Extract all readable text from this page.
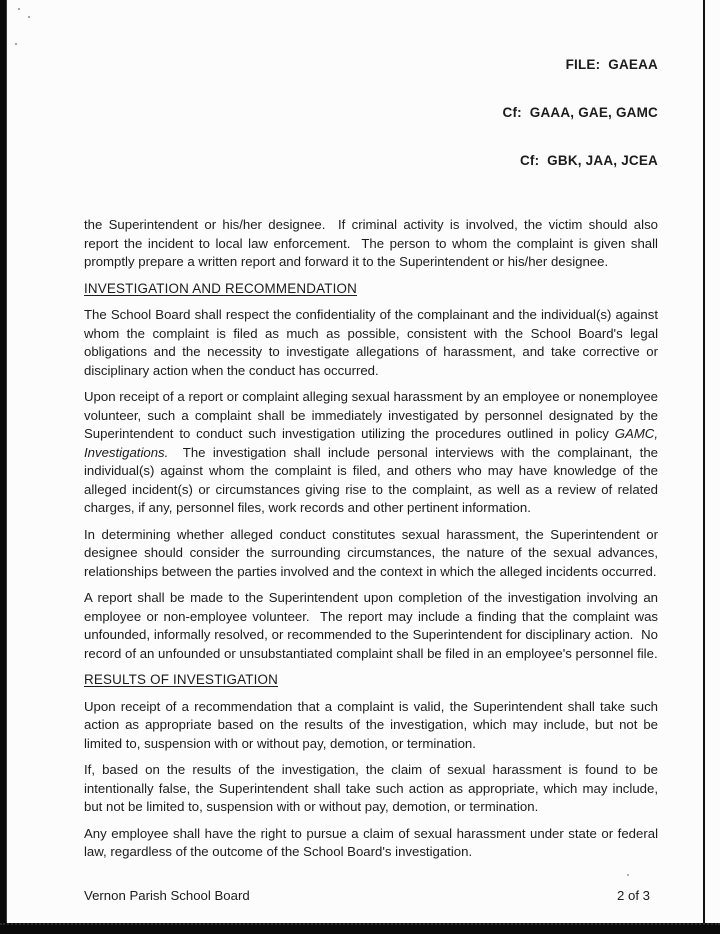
FILE:  GAEAA

Cf:  GAAA, GAE, GAMC

Cf:  GBK, JAA, JCEA

the Superintendent or his/her designee.  If criminal activity is involved, the victim should also report the incident to local law enforcement.  The person to whom the complaint is given shall promptly prepare a written report and forward it to the Superintendent or his/her designee.

INVESTIGATION AND RECOMMENDATION

The School Board shall respect the confidentiality of the complainant and the individual(s) against whom the complaint is filed as much as possible, consistent with the School Board's legal obligations and the necessity to investigate allegations of harassment, and take corrective or disciplinary action when the conduct has occurred.

Upon receipt of a report or complaint alleging sexual harassment by an employee or nonemployee volunteer, such a complaint shall be immediately investigated by personnel designated by the Superintendent to conduct such investigation utilizing the procedures outlined in policy GAMC, Investigations.  The investigation shall include personal interviews with the complainant, the individual(s) against whom the complaint is filed, and others who may have knowledge of the alleged incident(s) or circumstances giving rise to the complaint, as well as a review of related charges, if any, personnel files, work records and other pertinent information.

In determining whether alleged conduct constitutes sexual harassment, the Superintendent or designee should consider the surrounding circumstances, the nature of the sexual advances, relationships between the parties involved and the context in which the alleged incidents occurred.

A report shall be made to the Superintendent upon completion of the investigation involving an employee or non-employee volunteer.  The report may include a finding that the complaint was unfounded, informally resolved, or recommended to the Superintendent for disciplinary action.  No record of an unfounded or unsubstantiated complaint shall be filed in an employee's personnel file.

RESULTS OF INVESTIGATION

Upon receipt of a recommendation that a complaint is valid, the Superintendent shall take such action as appropriate based on the results of the investigation, which may include, but not be limited to, suspension with or without pay, demotion, or termination.

If, based on the results of the investigation, the claim of sexual harassment is found to be intentionally false, the Superintendent shall take such action as appropriate, which may include, but not be limited to, suspension with or without pay, demotion, or termination.

Any employee shall have the right to pursue a claim of sexual harassment under state or federal law, regardless of the outcome of the School Board's investigation.

Vernon Parish School Board	2 of 3
